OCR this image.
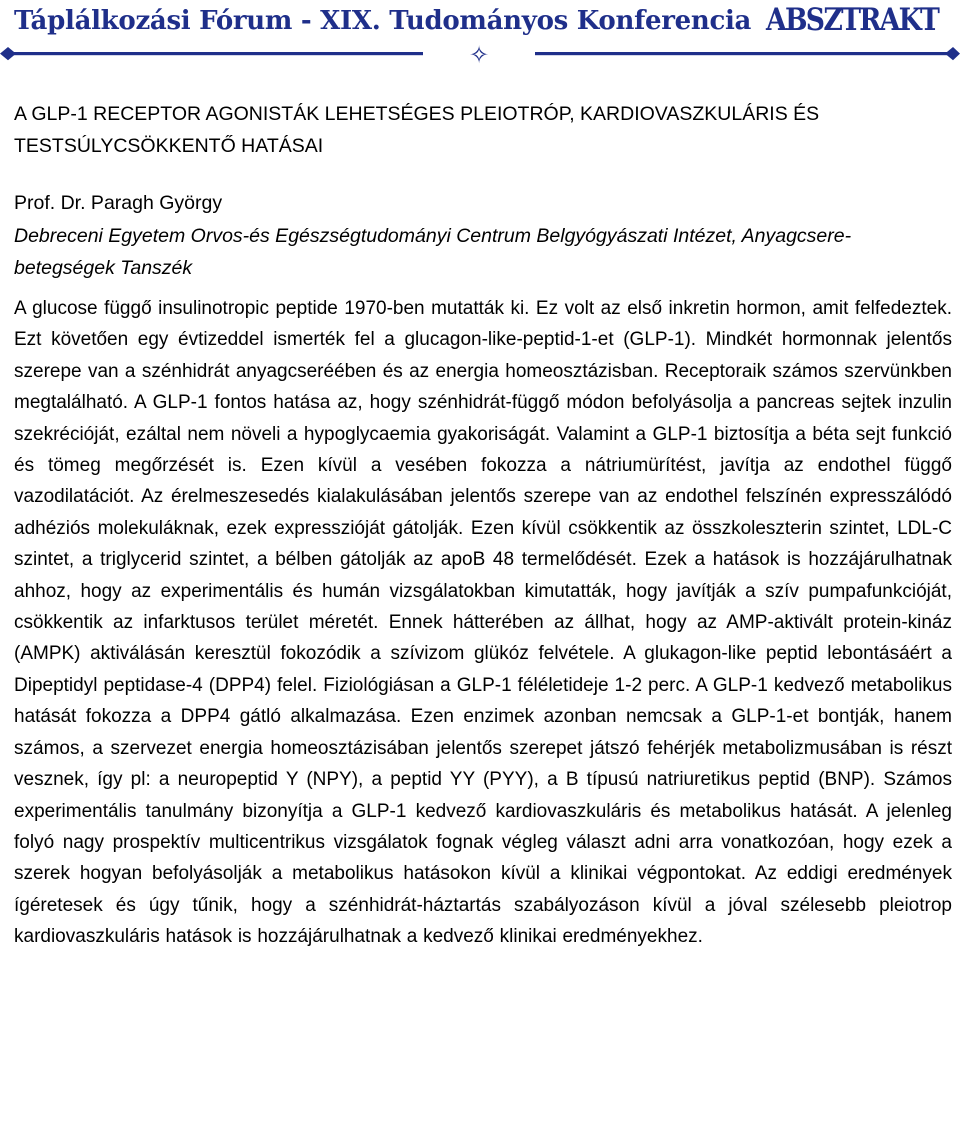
Táplálkozási Fórum - XIX. Tudományos Konferencia ABSZTRAKT
✧
A GLP-1 RECEPTOR AGONISTÁK LEHETSÉGES PLEIOTRÓP, KARDIOVASZKULÁRIS ÉS TESTSÚLYCSÖKKENTŐ HATÁSAI

Prof. Dr. Paragh György

Debreceni Egyetem Orvos-és Egészségtudományi Centrum Belgyógyászati Intézet, Anyagcsere-betegségek Tanszék

A glucose függő insulinotropic peptide 1970-ben mutatták ki. Ez volt az első inkretin hormon, amit felfedeztek. Ezt követően egy évtizeddel ismerték fel a glucagon-like-peptid-1-et (GLP-1). Mindkét hormonnak jelentős szerepe van a szénhidrát anyagcseréében és az energia homeosztázisban. Receptoraik számos szervünkben megtalálható. A GLP-1 fontos hatása az, hogy szénhidrát-függő módon befolyásolja a pancreas sejtek inzulin szekrécióját, ezáltal nem növeli a hypoglycaemia gyakoriságát. Valamint a GLP-1 biztosítja a béta sejt funkció és tömeg megőrzését is. Ezen kívül a vesében fokozza a nátriumürítést, javítja az endothel függő vazodilatációt. Az érelmeszesedés kialakulásában jelentős szerepe van az endothel felszínén expresszálódó adhéziós molekuláknak, ezek expresszióját gátolják. Ezen kívül csökkentik az összkoleszterin szintet, LDL-C szintet, a triglycerid szintet, a bélben gátolják az apoB 48 termelődését. Ezek a hatások is hozzájárulhatnak ahhoz, hogy az experimentális és humán vizsgálatokban kimutatták, hogy javítják a szív pumpafunkcióját, csökkentik az infarktusos terület méretét. Ennek hátterében az állhat, hogy az AMP-aktivált protein-kináz (AMPK) aktiválásán keresztül fokozódik a szívizom glükóz felvétele. A glukagon-like peptid lebontásáért a Dipeptidyl peptidase-4 (DPP4) felel. Fiziológiásan a GLP-1 féléletideje 1-2 perc. A GLP-1 kedvező metabolikus hatását fokozza a DPP4 gátló alkalmazása. Ezen enzimek azonban nemcsak a GLP-1-et bontják, hanem számos, a szervezet energia homeosztázisában jelentős szerepet játszó fehérjék metabolizmusában is részt vesznek, így pl: a neuropeptid Y (NPY), a peptid YY (PYY), a B típusú natriuretikus peptid (BNP). Számos experimentális tanulmány bizonyítja a GLP-1 kedvező kardiovaszkuláris és metabolikus hatását. A jelenleg folyó nagy prospektív multicentrikus vizsgálatok fognak végleg választ adni arra vonatkozóan, hogy ezek a szerek hogyan befolyásolják a metabolikus hatásokon kívül a klinikai végpontokat. Az eddigi eredmények ígéretesek és úgy tűnik, hogy a szénhidrát-háztartás szabályozáson kívül a jóval szélesebb pleiotrop kardiovaszkuláris hatások is hozzájárulhatnak a kedvező klinikai eredményekhez.
